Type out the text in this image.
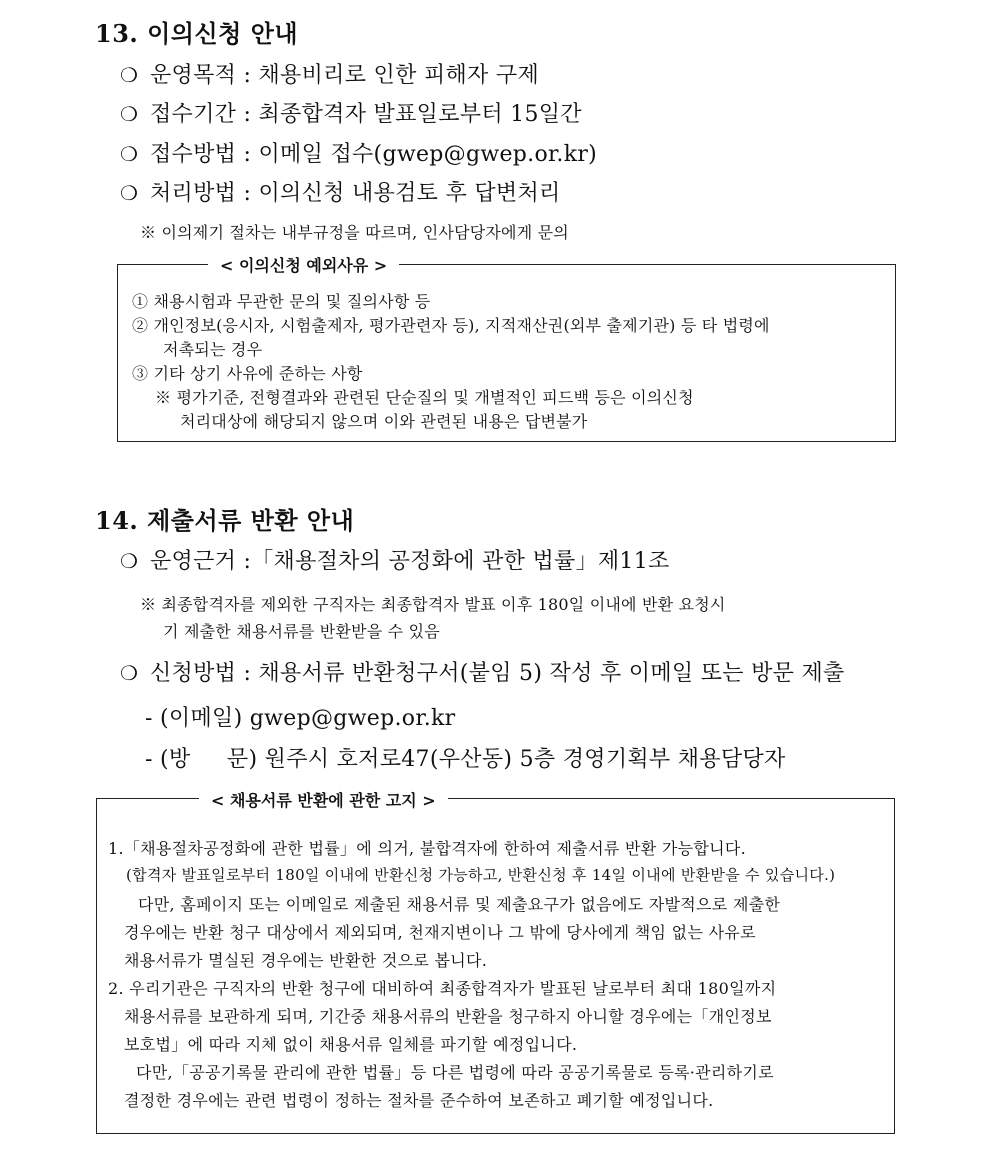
13. 이의신청 안내
❍ 운영목적 : 채용비리로 인한 피해자 구제
❍ 접수기간 : 최종합격자 발표일로부터 15일간
❍ 접수방법 : 이메일 접수(gwep@gwep.or.kr)
❍ 처리방법 : 이의신청 내용검토 후 답변처리
※ 이의제기 절차는 내부규정을 따르며, 인사담당자에게 문의
< 이의신청 예외사유 >
① 채용시험과 무관한 문의 및 질의사항 등
② 개인정보(응시자, 시험출제자, 평가관련자 등), 지적재산권(외부 출제기관) 등 타 법령에
저촉되는 경우
③ 기타 상기 사유에 준하는 사항
※ 평가기준, 전형결과와 관련된 단순질의 및 개별적인 피드백 등은 이의신청
처리대상에 해당되지 않으며 이와 관련된 내용은 답변불가
14. 제출서류 반환 안내
❍ 운영근거 :「채용절차의 공정화에 관한 법률」제11조
※ 최종합격자를 제외한 구직자는 최종합격자 발표 이후 180일 이내에 반환 요청시
기 제출한 채용서류를 반환받을 수 있음
❍ 신청방법 : 채용서류 반환청구서(붙임 5) 작성 후 이메일 또는 방문 제출
- (이메일) gwep@gwep.or.kr
- (방     문) 원주시 호저로47(우산동) 5층 경영기획부 채용담당자
< 채용서류 반환에 관한 고지 >
1.「채용절차공정화에 관한 법률」에 의거, 불합격자에 한하여 제출서류 반환 가능합니다.
(합격자 발표일로부터 180일 이내에 반환신청 가능하고, 반환신청 후 14일 이내에 반환받을 수 있습니다.)
다만, 홈페이지 또는 이메일로 제출된 채용서류 및 제출요구가 없음에도 자발적으로 제출한
경우에는 반환 청구 대상에서 제외되며, 천재지변이나 그 밖에 당사에게 책임 없는 사유로
채용서류가 멸실된 경우에는 반환한 것으로 봅니다.
2. 우리기관은 구직자의 반환 청구에 대비하여 최종합격자가 발표된 날로부터 최대 180일까지
채용서류를 보관하게 되며, 기간중 채용서류의 반환을 청구하지 아니할 경우에는「개인정보
보호법」에 따라 지체 없이 채용서류 일체를 파기할 예정입니다.
다만,「공공기록물 관리에 관한 법률」등 다른 법령에 따라 공공기록물로 등록·관리하기로
결정한 경우에는 관련 법령이 정하는 절차를 준수하여 보존하고 폐기할 예정입니다.
